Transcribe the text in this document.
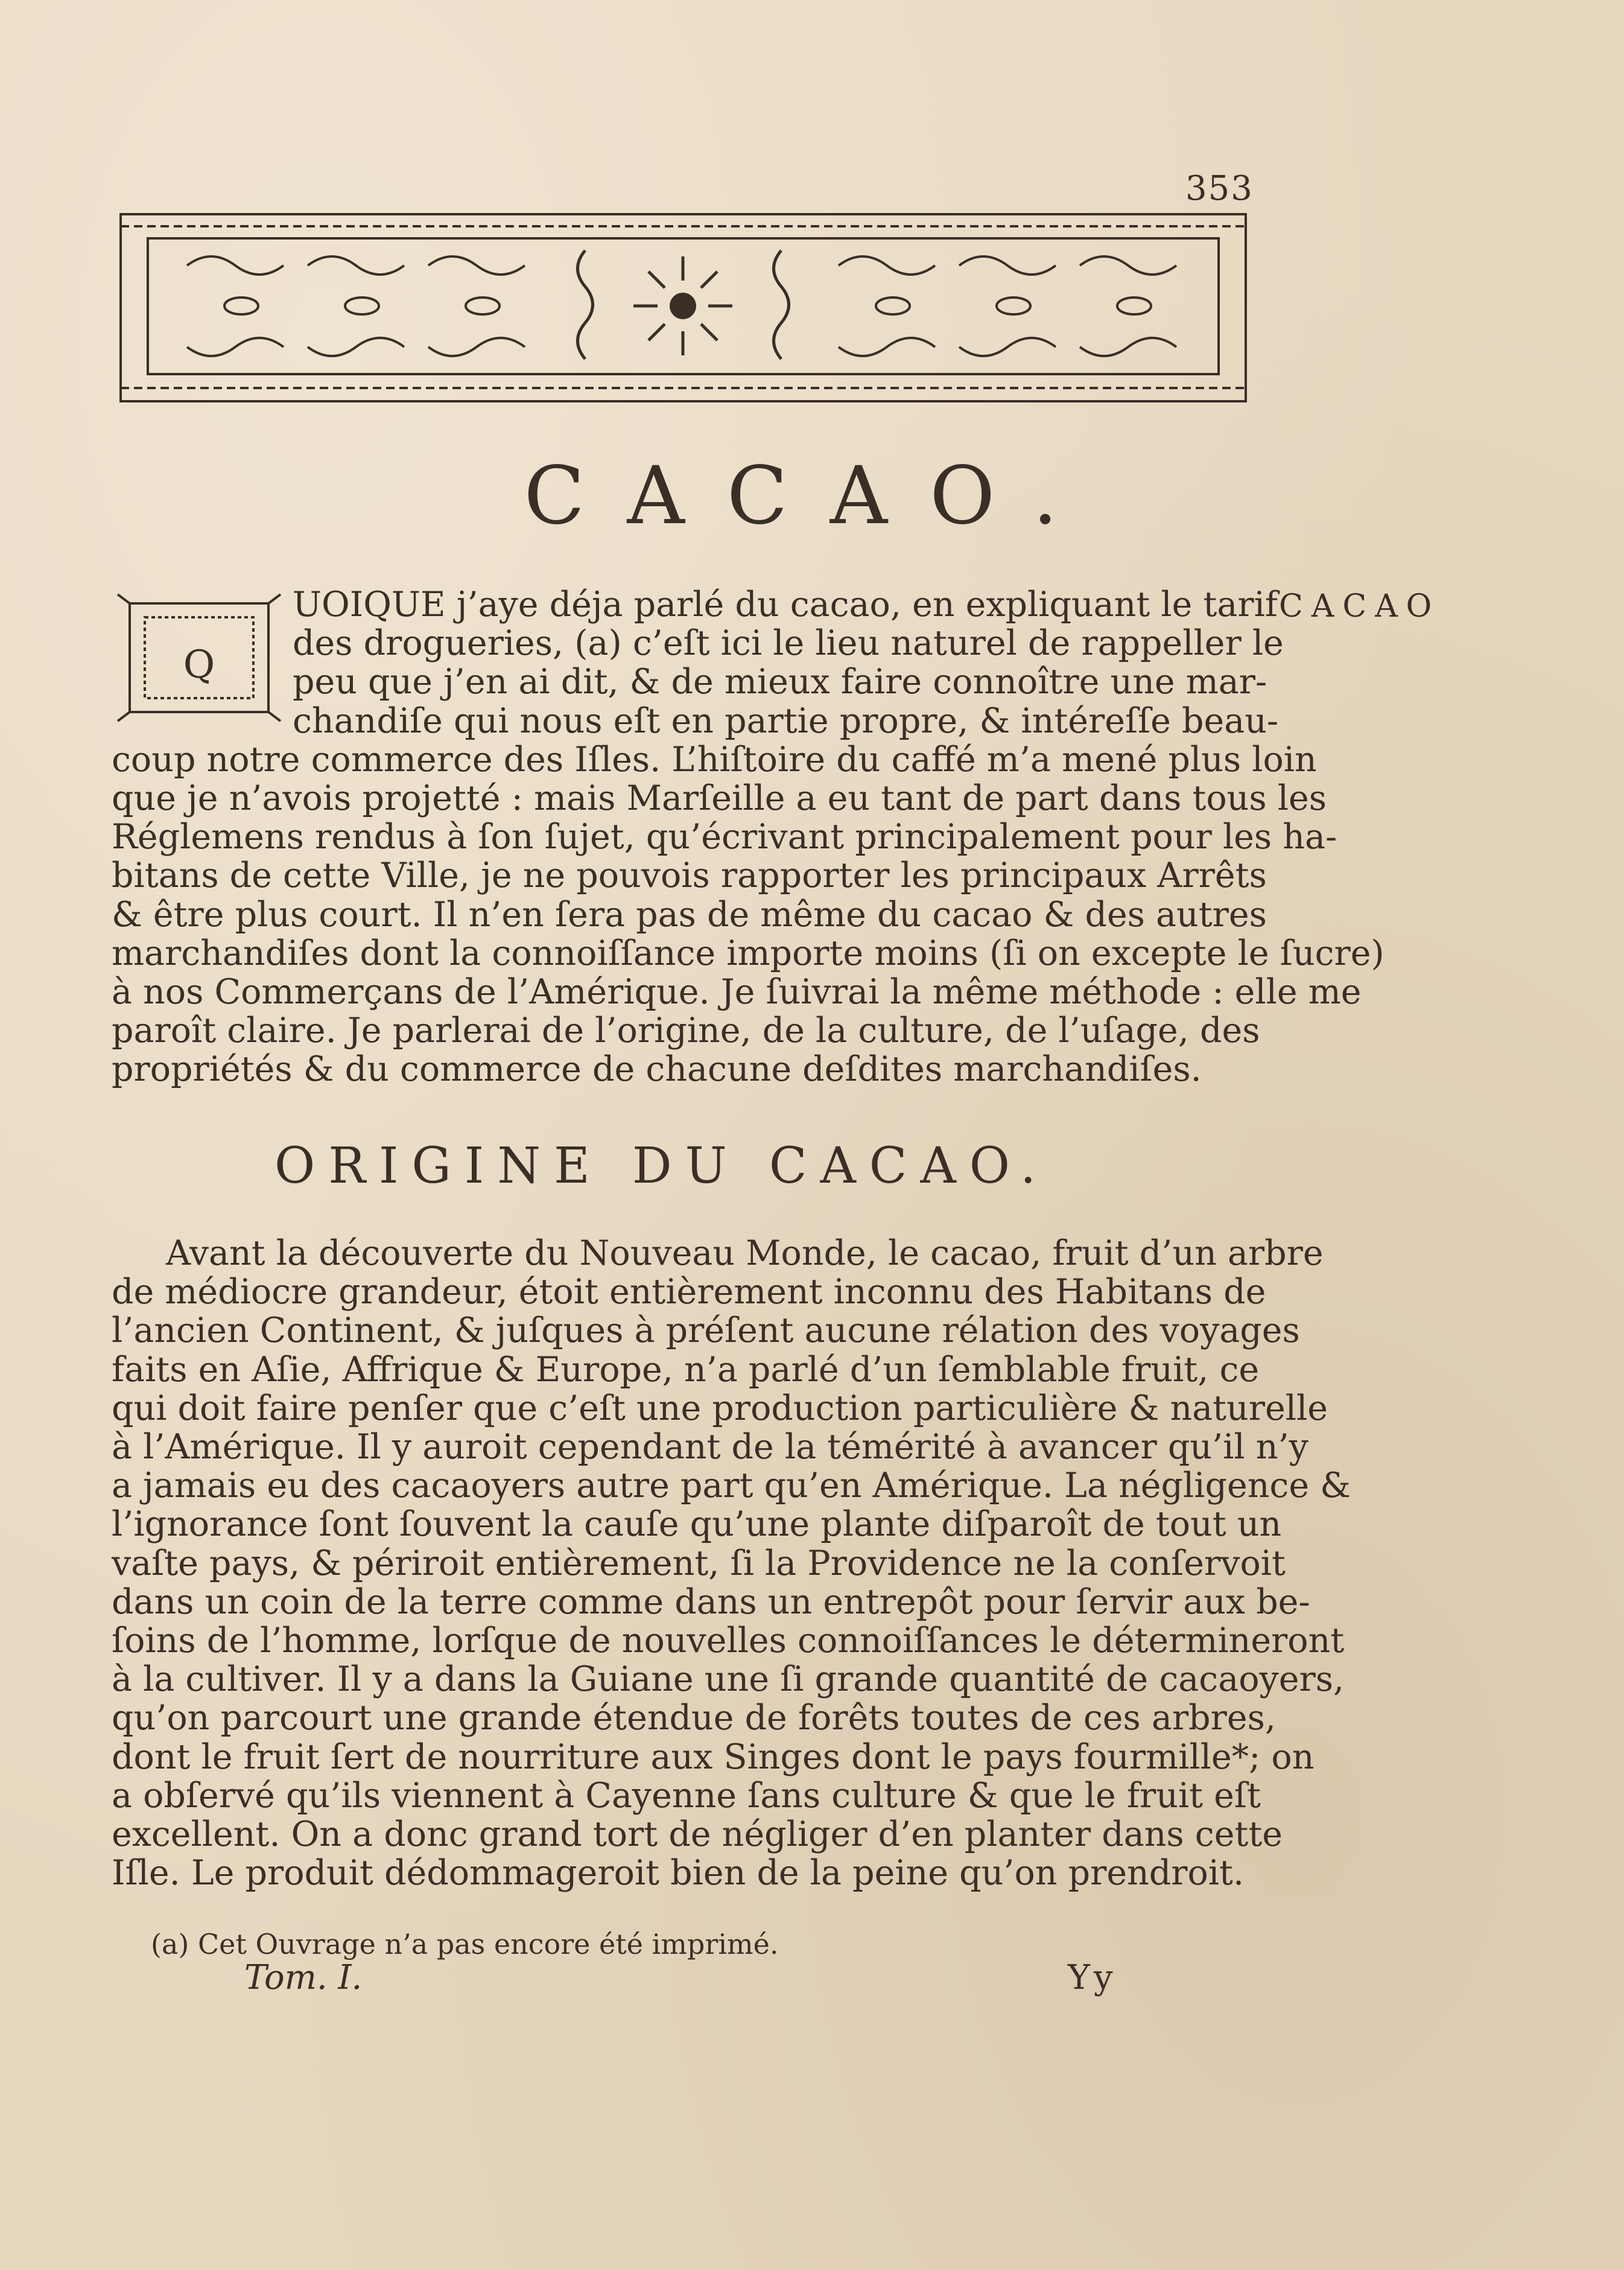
353
CACAO.
CACAO
Q
UOIQUE j’aye déja parlé du cacao, en expliquant le tarif
des drogueries, (a) c’eſt ici le lieu naturel de rappeller le
peu que j’en ai dit, & de mieux faire connoître une mar-
chandiſe qui nous eſt en partie propre, & intéreſſe beau-
coup notre commerce des Iſles. L’hiſtoire du caffé m’a mené plus loin
que je n’avois projetté : mais Marſeille a eu tant de part dans tous les
Réglemens rendus à ſon ſujet, qu’écrivant principalement pour les ha-
bitans de cette Ville, je ne pouvois rapporter les principaux Arrêts
& être plus court. Il n’en ſera pas de même du cacao & des autres
marchandiſes dont la connoiſſance importe moins (ſi on excepte le ſucre)
à nos Commerçans de l’Amérique. Je ſuivrai la même méthode : elle me
paroît claire. Je parlerai de l’origine, de la culture, de l’uſage, des
propriétés & du commerce de chacune deſdites marchandiſes.
ORIGINE DU CACAO.
Avant la découverte du Nouveau Monde, le cacao, fruit d’un arbre
de médiocre grandeur, étoit entièrement inconnu des Habitans de
l’ancien Continent, & juſques à préſent aucune rélation des voyages
faits en Aſie, Affrique & Europe, n’a parlé d’un ſemblable fruit, ce
qui doit faire penſer que c’eſt une production particulière & naturelle
à l’Amérique. Il y auroit cependant de la témérité à avancer qu’il n’y
a jamais eu des cacaoyers autre part qu’en Amérique. La négligence &
l’ignorance ſont ſouvent la cauſe qu’une plante diſparoît de tout un
vaſte pays, & périroit entièrement, ſi la Providence ne la conſervoit
dans un coin de la terre comme dans un entrepôt pour ſervir aux be-
ſoins de l’homme, lorſque de nouvelles connoiſſances le détermineront
à la cultiver. Il y a dans la Guiane une ſi grande quantité de cacaoyers,
qu’on parcourt une grande étendue de forêts toutes de ces arbres,
dont le fruit ſert de nourriture aux Singes dont le pays fourmille*; on
a obſervé qu’ils viennent à Cayenne ſans culture & que le fruit eſt
excellent. On a donc grand tort de négliger d’en planter dans cette
Iſle. Le produit dédommageroit bien de la peine qu’on prendroit.
(a) Cet Ouvrage n’a pas encore été imprimé.
Tom. I.	Yy
